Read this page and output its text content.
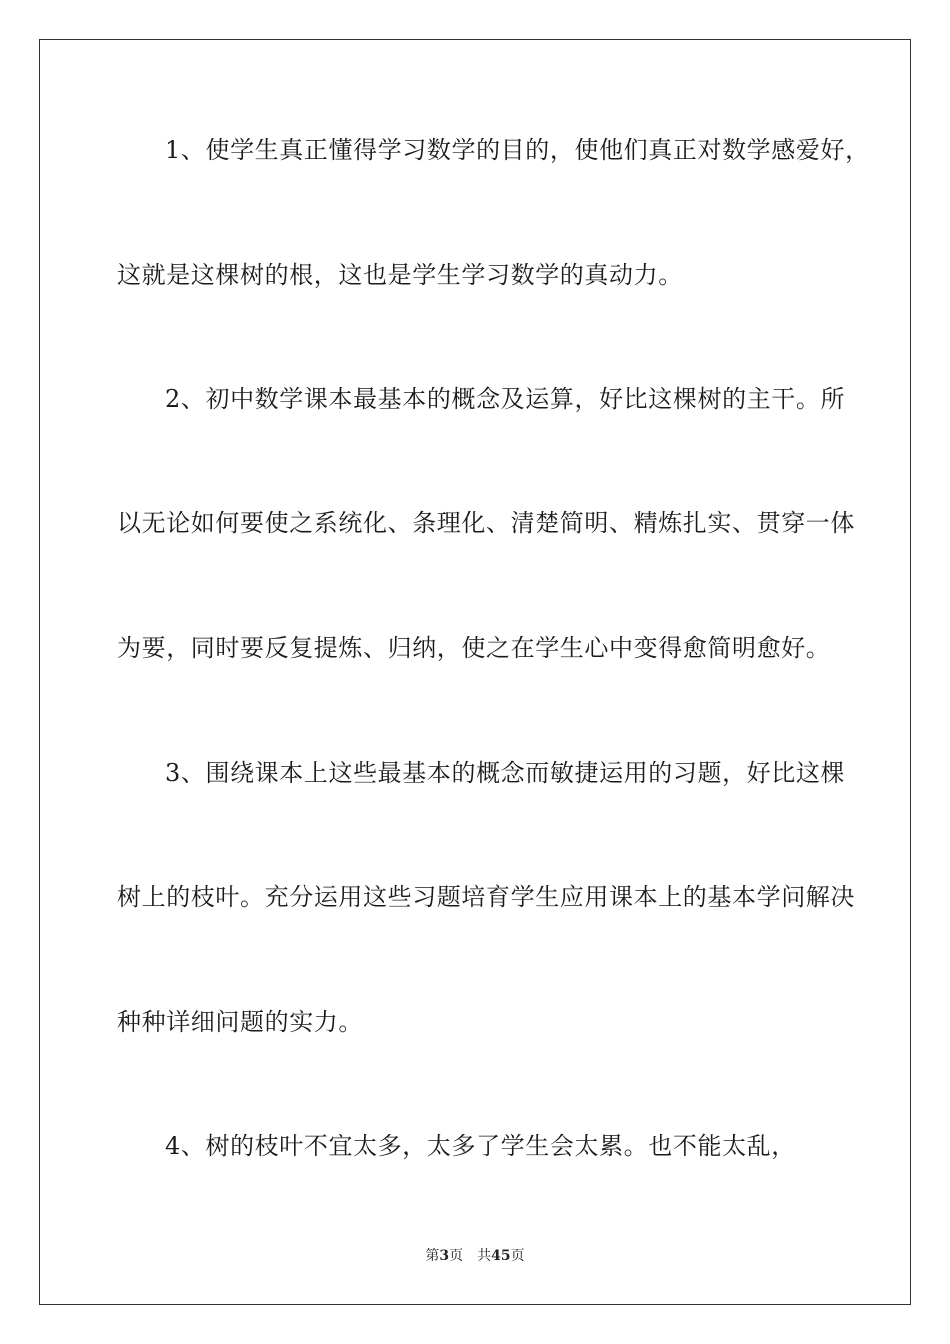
1、使学生真正懂得学习数学的目的，使他们真正对数学感爱好，
这就是这棵树的根，这也是学生学习数学的真动力。
2、初中数学课本最基本的概念及运算，好比这棵树的主干。所
以无论如何要使之系统化、条理化、清楚简明、精炼扎实、贯穿一体
为要，同时要反复提炼、归纳，使之在学生心中变得愈简明愈好。
3、围绕课本上这些最基本的概念而敏捷运用的习题，好比这棵
树上的枝叶。充分运用这些习题培育学生应用课本上的基本学问解决
种种详细问题的实力。
4、树的枝叶不宜太多，太多了学生会太累。也不能太乱，
第3页 共45页
